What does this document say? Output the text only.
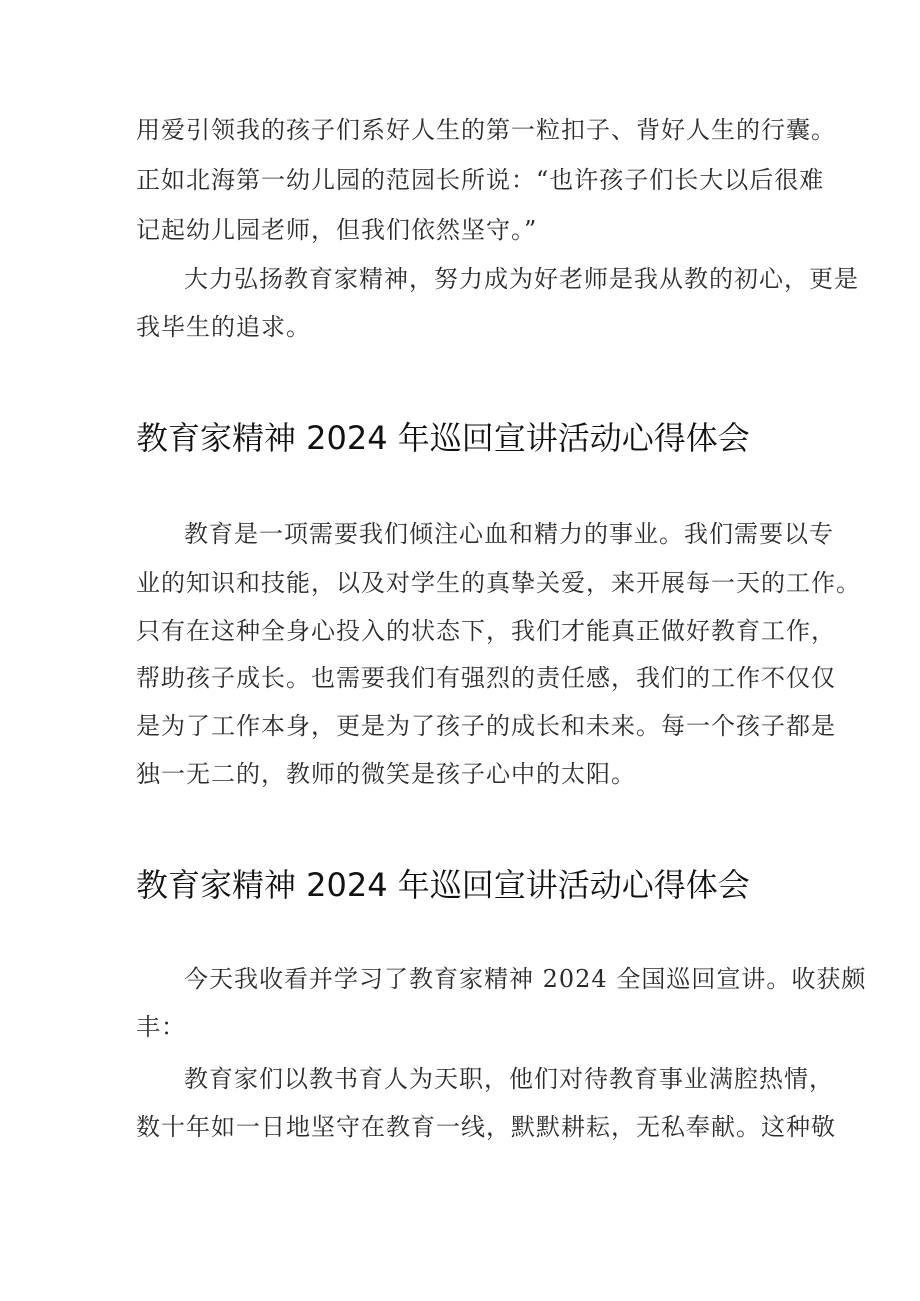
用爱引领我的孩子们系好人生的第一粒扣子、背好人生的行囊。

正如北海第一幼儿园的范园长所说：“也许孩子们长大以后很难

记起幼儿园老师，但我们依然坚守。”

大力弘扬教育家精神，努力成为好老师是我从教的初心，更是

我毕生的追求。

教育家精神 2024 年巡回宣讲活动心得体会

教育是一项需要我们倾注心血和精力的事业。我们需要以专

业的知识和技能，以及对学生的真挚关爱，来开展每一天的工作。

只有在这种全身心投入的状态下，我们才能真正做好教育工作，

帮助孩子成长。也需要我们有强烈的责任感，我们的工作不仅仅

是为了工作本身，更是为了孩子的成长和未来。每一个孩子都是

独一无二的，教师的微笑是孩子心中的太阳。

教育家精神 2024 年巡回宣讲活动心得体会

今天我收看并学习了教育家精神 2024 全国巡回宣讲。收获颇

丰：

教育家们以教书育人为天职，他们对待教育事业满腔热情，

数十年如一日地坚守在教育一线，默默耕耘，无私奉献。这种敬
